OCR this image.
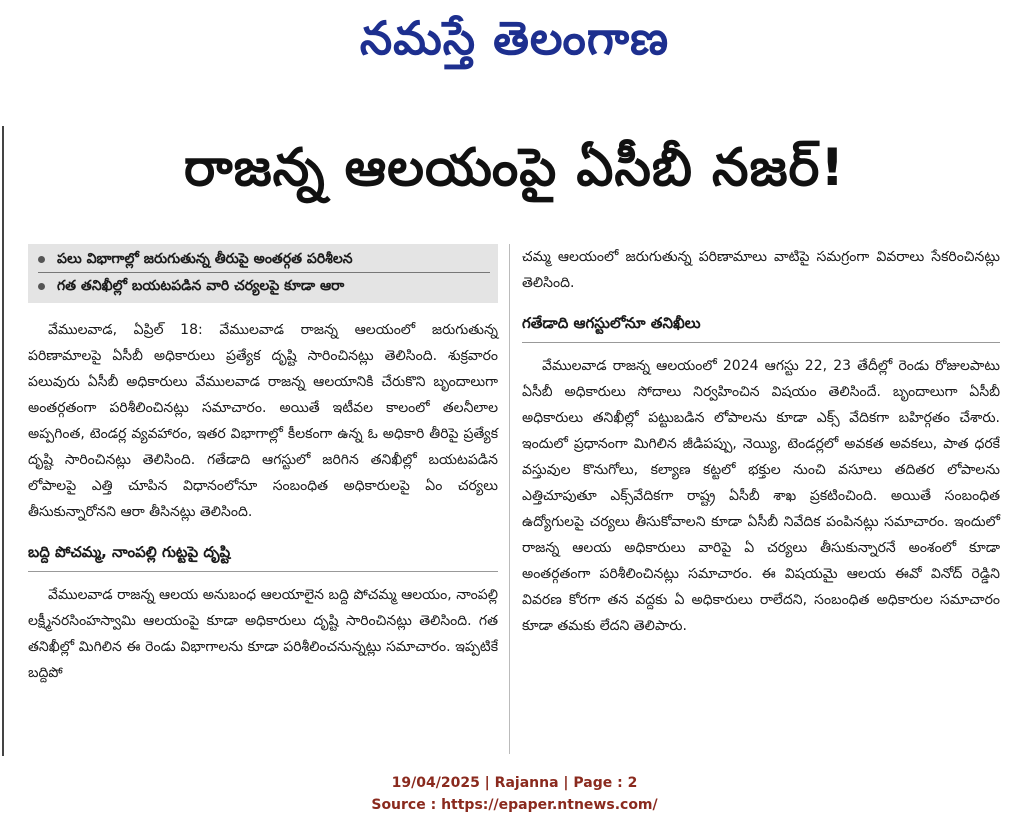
నమస్తే తెలంగాణ
రాజన్న ఆలయంపై ఏసీబీ నజర్!
పలు విభాగాల్లో జరుగుతున్న తీరుపై అంతర్గత పరిశీలన
గత తనిఖీల్లో బయటపడిన వారి చర్యలపై కూడా ఆరా

వేములవాడ, ఏప్రిల్ 18: వేములవాడ రాజన్న ఆలయంలో జరుగుతున్న పరిణామాలపై ఏసీబీ అధికారులు ప్రత్యేక దృష్టి సారించినట్లు తెలిసింది. శుక్రవారం పలువురు ఏసీబీ అధికారులు వేములవాడ రాజన్న ఆలయానికి చేరుకొని బృందాలుగా అంతర్గతంగా పరిశీలించినట్లు సమాచారం. అయితే ఇటీవల కాలంలో తలనీలాల అప్పగింత, టెండర్ల వ్యవహారం, ఇతర విభాగాల్లో కీలకంగా ఉన్న ఓ అధికారి తీరిపై ప్రత్యేక దృష్టి సారించినట్లు తెలిసింది. గతేడాది ఆగస్టులో జరిగిన తనిఖీల్లో బయటపడిన లోపాలపై ఎత్తి చూపిన విధానంలోనూ సంబంధిత అధికారులపై ఏం చర్యలు తీసుకున్నారోనని ఆరా తీసినట్లు తెలిసింది.

బద్ది పోచమ్మ, నాంపల్లి గుట్టపై దృష్టి

వేములవాడ రాజన్న ఆలయ అనుబంధ ఆలయాలైన బద్ది పోచమ్మ ఆలయం, నాంపల్లి లక్ష్మీనరసింహస్వామి ఆలయంపై కూడా అధికారులు దృష్టి సారించినట్లు తెలిసింది. గత తనిఖీల్లో మిగిలిన ఈ రెండు విభాగాలను కూడా పరిశీలించనున్నట్లు సమాచారం. ఇప్పటికే బద్దిపో

చమ్మ ఆలయంలో జరుగుతున్న పరిణామాలు వాటిపై సమగ్రంగా వివరాలు సేకరించినట్లు తెలిసింది.

గతేడాది ఆగస్టులోనూ తనిఖీలు

వేములవాడ రాజన్న ఆలయంలో 2024 ఆగస్టు 22, 23 తేదీల్లో రెండు రోజులపాటు ఏసీబీ అధికారులు సోదాలు నిర్వహించిన విషయం తెలిసిందే. బృందాలుగా ఏసీబీ అధికారులు తనిఖీల్లో పట్టుబడిన లోపాలను కూడా ఎక్స్ వేదికగా బహిర్గతం చేశారు. ఇందులో ప్రధానంగా మిగిలిన జీడిపప్పు, నెయ్యి, టెండర్లలో అవకత అవకలు, పాత ధరకే వస్తువుల కొనుగోలు, కల్యాణ కట్టలో భక్తుల నుంచి వసూలు తదితర లోపాలను ఎత్తిచూపుతూ ఎక్స్‌వేదికగా రాష్ట్ర ఏసీబీ శాఖ ప్రకటించింది. అయితే సంబంధిత ఉద్యోగులపై చర్యలు తీసుకోవాలని కూడా ఏసీబీ నివేదిక పంపినట్లు సమాచారం. ఇందులో రాజన్న ఆలయ అధికారులు వారిపై ఏ చర్యలు తీసుకున్నారనే అంశంలో కూడా అంతర్గతంగా పరిశీలించినట్లు సమాచారం. ఈ విషయమై ఆలయ ఈవో వినోద్ రెడ్డిని వివరణ కోరగా తన వద్దకు ఏ అధికారులు రాలేదని, సంబంధిత అధికారుల సమాచారం కూడా తమకు లేదని తెలిపారు.

19/04/2025 | Rajanna | Page : 2
Source : https://epaper.ntnews.com/
